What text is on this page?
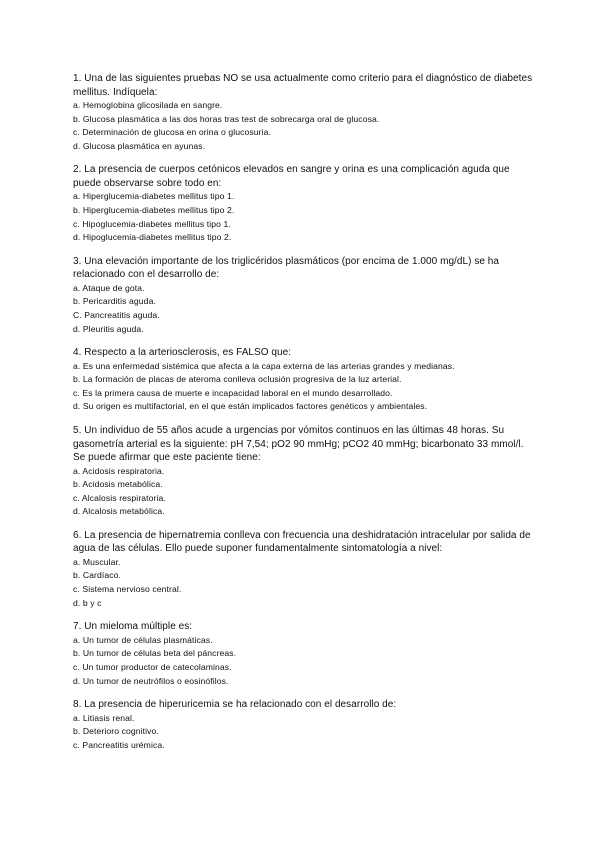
1. Una de las siguientes pruebas NO se usa actualmente como criterio para el diagnóstico de diabetes mellitus. Indíquela:

a. Hemoglobina glicosilada en sangre.
b. Glucosa plasmática a las dos horas tras test de sobrecarga oral de glucosa.
c. Determinación de glucosa en orina o glucosuria.
d. Glucosa plasmática en ayunas.

2. La presencia de cuerpos cetónicos elevados en sangre y orina es una complicación aguda que puede observarse sobre todo en:

a. Hiperglucemia-diabetes mellitus tipo 1.
b. Hiperglucemia-diabetes mellitus tipo 2.
c. Hipoglucemia-diabetes mellitus tipo 1.
d. Hipoglucemia-diabetes mellitus tipo 2.

3. Una elevación importante de los triglicéridos plasmáticos (por encima de 1.000 mg/dL) se ha relacionado con el desarrollo de:

a. Ataque de gota.
b. Pericarditis aguda.
C. Pancreatitis aguda.
d. Pleuritis aguda.

4. Respecto a la arteriosclerosis, es FALSO que:

a. Es una enfermedad sistémica que afecta a la capa externa de las arterias grandes y medianas.
b. La formación de placas de ateroma conlleva oclusión progresiva de la luz arterial.
c. Es la primera causa de muerte e incapacidad laboral en el mundo desarrollado.
d. Su origen es multifactorial, en el que están implicados factores genéticos y ambientales.

5. Un individuo de 55 años acude a urgencias por vómitos continuos en las últimas 48 horas. Su gasometría arterial es la siguiente: pH 7,54; pO2 90 mmHg; pCO2 40 mmHg; bicarbonato 33 mmol/l. Se puede afirmar que este paciente tiene:

a. Acidosis respiratoria.
b. Acidosis metabólica.
c. Alcalosis respiratoria.
d. Alcalosis metabólica.

6. La presencia de hipernatremia conlleva con frecuencia una deshidratación intracelular por salida de agua de las células. Ello puede suponer fundamentalmente sintomatología a nivel:

a. Muscular.
b. Cardíaco.
c. Sistema nervioso central.
d. b y c

7. Un mieloma múltiple es:

a. Un tumor de células plasmáticas.
b. Un tumor de células beta del páncreas.
c. Un tumor productor de catecolaminas.
d. Un tumor de neutrófilos o eosinófilos.

8. La presencia de hiperuricemia se ha relacionado con el desarrollo de:

a. Litiasis renal.
b. Deterioro cognitivo.
c. Pancreatitis urémica.
